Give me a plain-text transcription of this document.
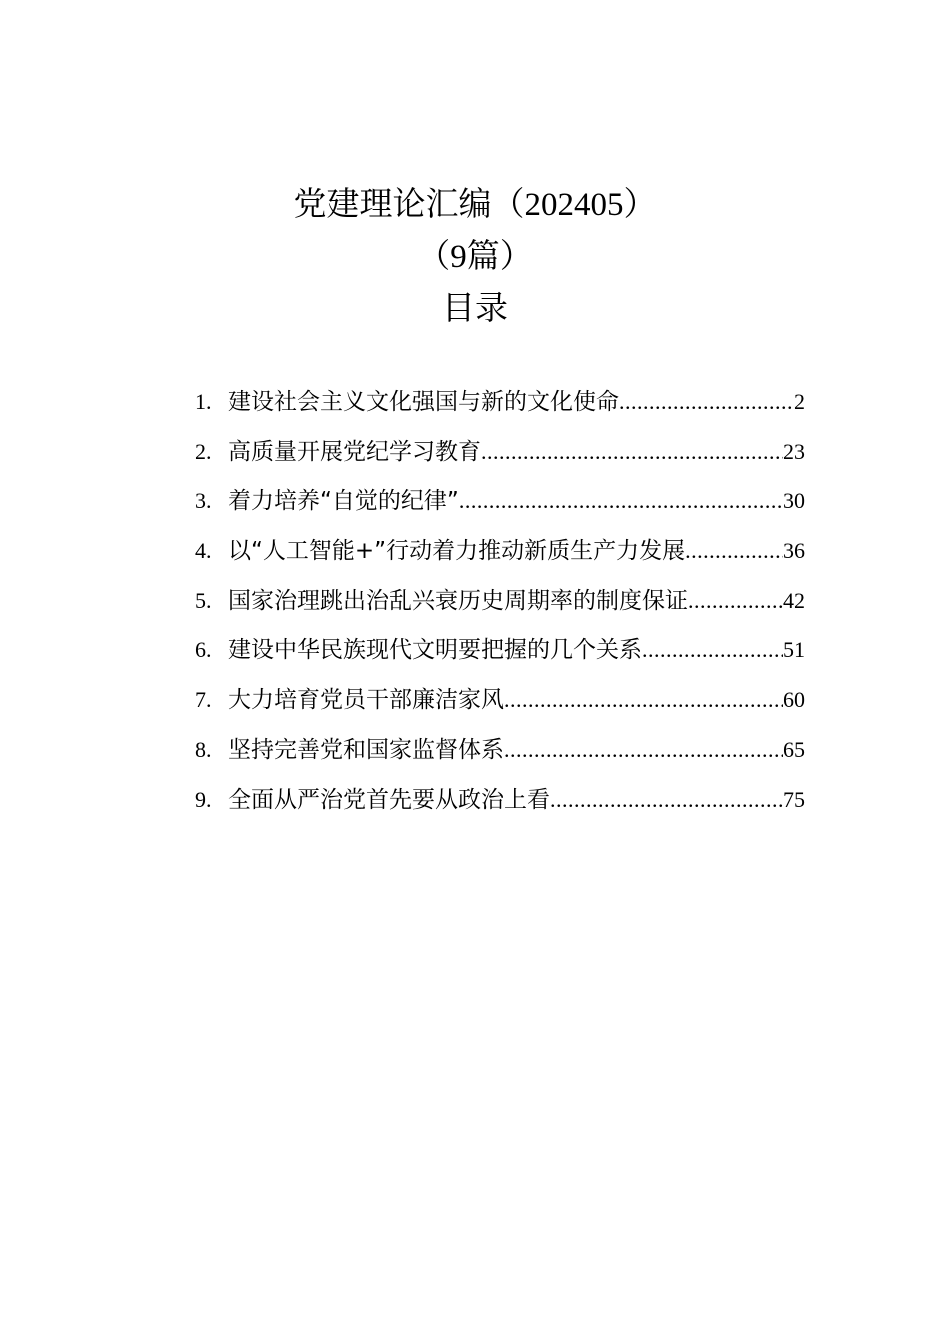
党建理论汇编（202405）
（9篇）
目录
1. 建设社会主义文化强国与新的文化使命 .....	2
2. 高质量开展党纪学习教育 .....	23
3. 着力培养“自觉的纪律” .....	30
4. 以“人工智能+”行动着力推动新质生产力发展 .....	36
5. 国家治理跳出治乱兴衰历史周期率的制度保证 .....	42
6. 建设中华民族现代文明要把握的几个关系 .....	51
7. 大力培育党员干部廉洁家风 .....	60
8. 坚持完善党和国家监督体系 .....	65
9. 全面从严治党首先要从政治上看 .....	75
